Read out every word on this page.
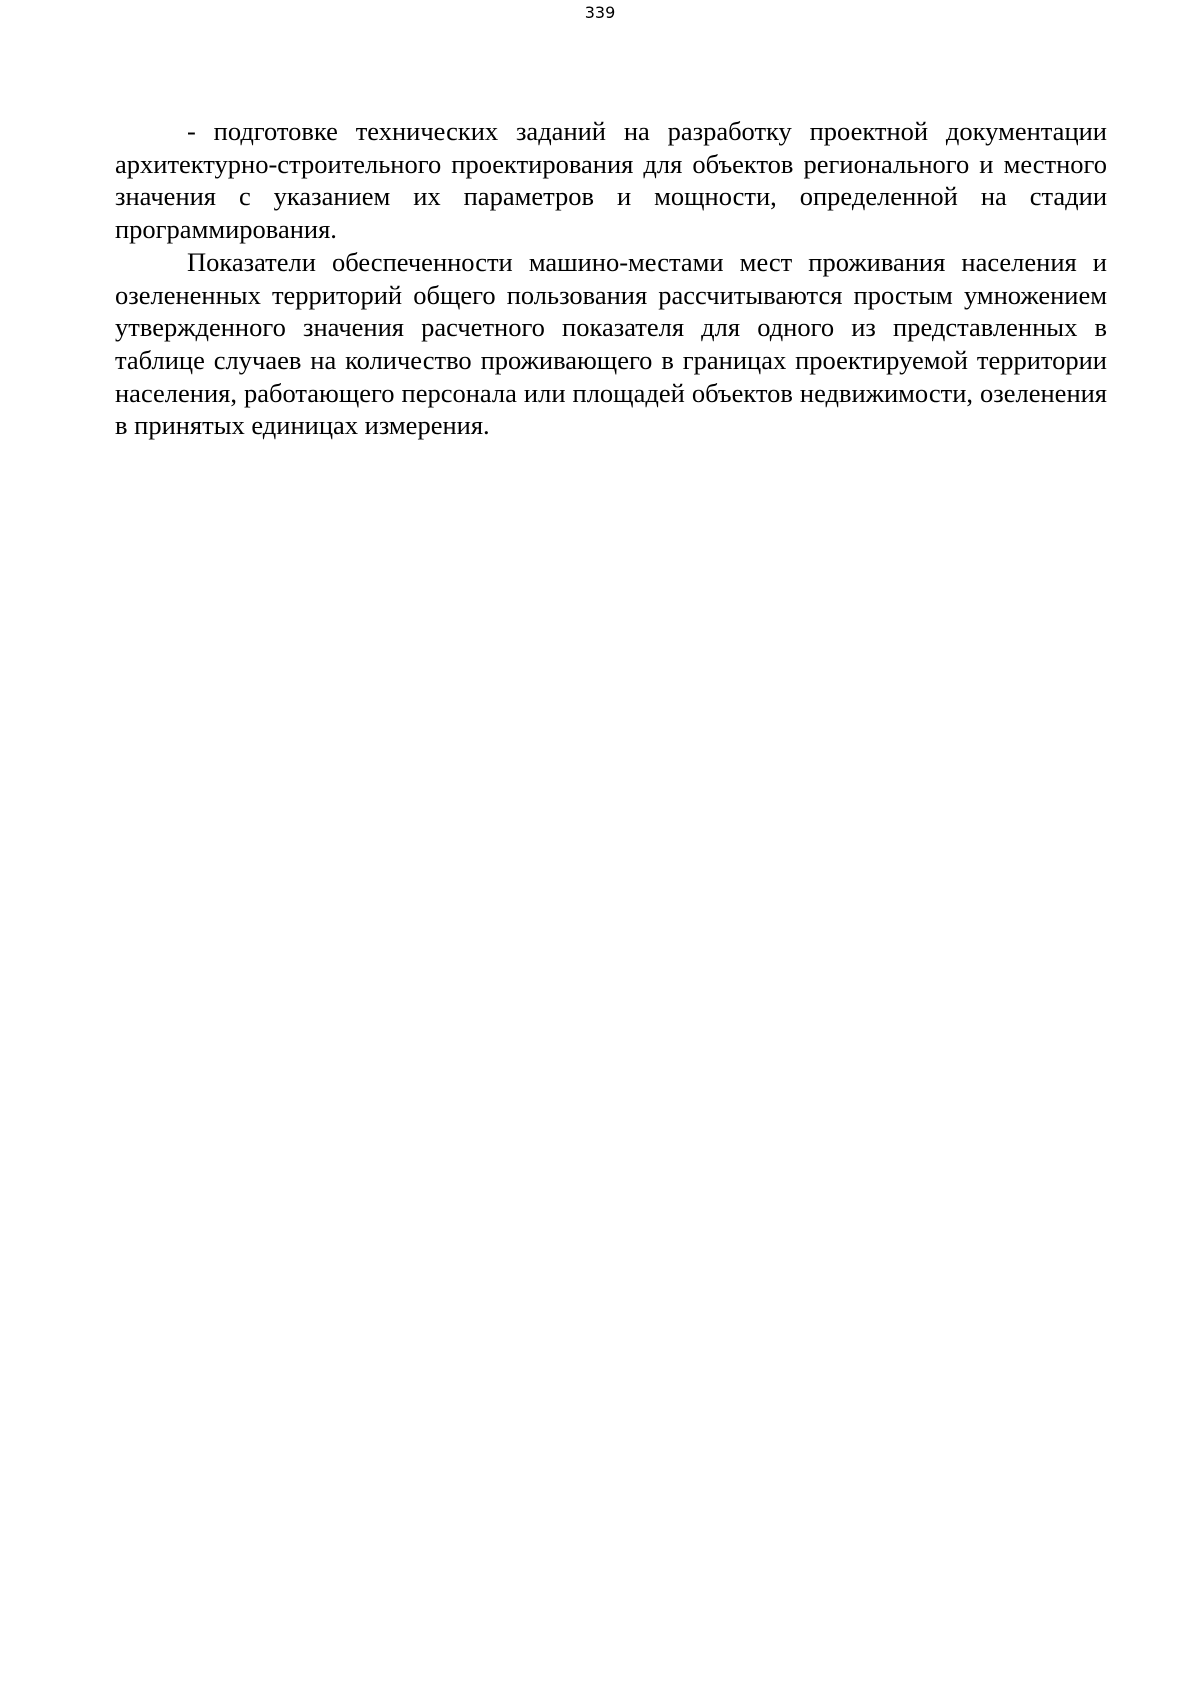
339

- подготовке технических заданий на разработку проектной документации архитектурно-строительного проектирования для объектов регионального и местного значения с указанием их параметров и мощности, определенной на стадии программирования.

Показатели обеспеченности машино-местами мест проживания населения и озелененных территорий общего пользования рассчитываются простым умножением утвержденного значения расчетного показателя для одного из представленных в таблице случаев на количество проживающего в границах проектируемой территории населения, работающего персонала или площадей объектов недвижимости, озеленения в принятых единицах измерения.
